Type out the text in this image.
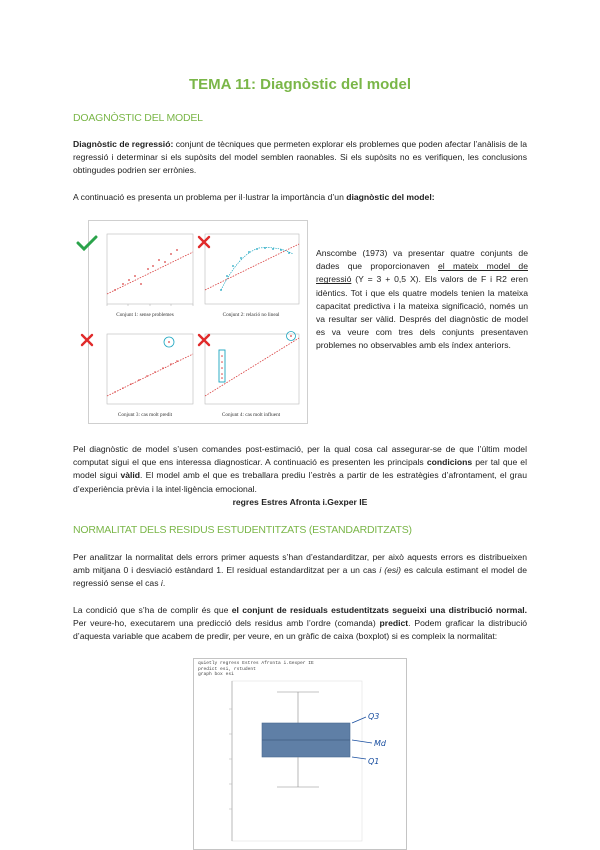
TEMA 11: Diagnòstic del model
DOAGNÒSTIC DEL MODEL
Diagnòstic de regressió: conjunt de tècniques que permeten explorar els problemes que poden afectar l’anàlisis de la regressió i determinar si els supòsits del model semblen raonables. Si els supòsits no es verifiquen, les conclusions obtingudes podrien ser errònies.
A continuació es presenta un problema per il·lustrar la importància d’un diagnòstic del model:
Conjunt 1: sense problemes	Conjunt 2: relació no lineal
Conjunt 3: cas molt predit	Conjunt 4: cas molt influent
Anscombe (1973) va presentar quatre conjunts de dades que proporcionaven el mateix model de regressió (Y = 3 + 0,5 X). Els valors de F i R2 eren idèntics. Tot i que els quatre models tenien la mateixa capacitat predictiva i la mateixa significació, només un va resultar ser vàlid. Després del diagnòstic de model es va veure com tres dels conjunts presentaven problemes no observables amb els índex anteriors.
Pel diagnòstic de model s’usen comandes post-estimació, per la qual cosa cal assegurar-se de que l’últim model computat sigui el que ens interessa diagnosticar. A continuació es presenten les principals condicions per tal que el model sigui vàlid. El model amb el que es treballara prediu l’estrès a partir de les estratègies d’afrontament, el grau d’experiència prèvia i la intel·ligència emocional.
regres Estres Afronta i.Gexper IE
NORMALITAT DELS RESIDUS ESTUDENTITZATS (ESTANDARDITZATS)
Per analitzar la normalitat dels errors primer aquests s’han d’estandarditzar, per això aquests errors es distribueixen amb mitjana 0 i desviació estàndard 1. El residual estandarditzat per a un cas i (esi) es calcula estimant el model de regressió sense el cas i.
La condició que s’ha de complir és que el conjunt de residuals estudentitzats segueixi una distribució normal. Per veure-ho, executarem una predicció dels residus amb l’ordre (comanda) predict. Podem graficar la distribució d’aquesta variable que acabem de predir, per veure, en un gràfic de caixa (boxplot) si es compleix la normalitat:
quietly regress Estres Afronta i.Gexper IE
predict esi, rstudent
graph box esi
Q3
Md
Q1
